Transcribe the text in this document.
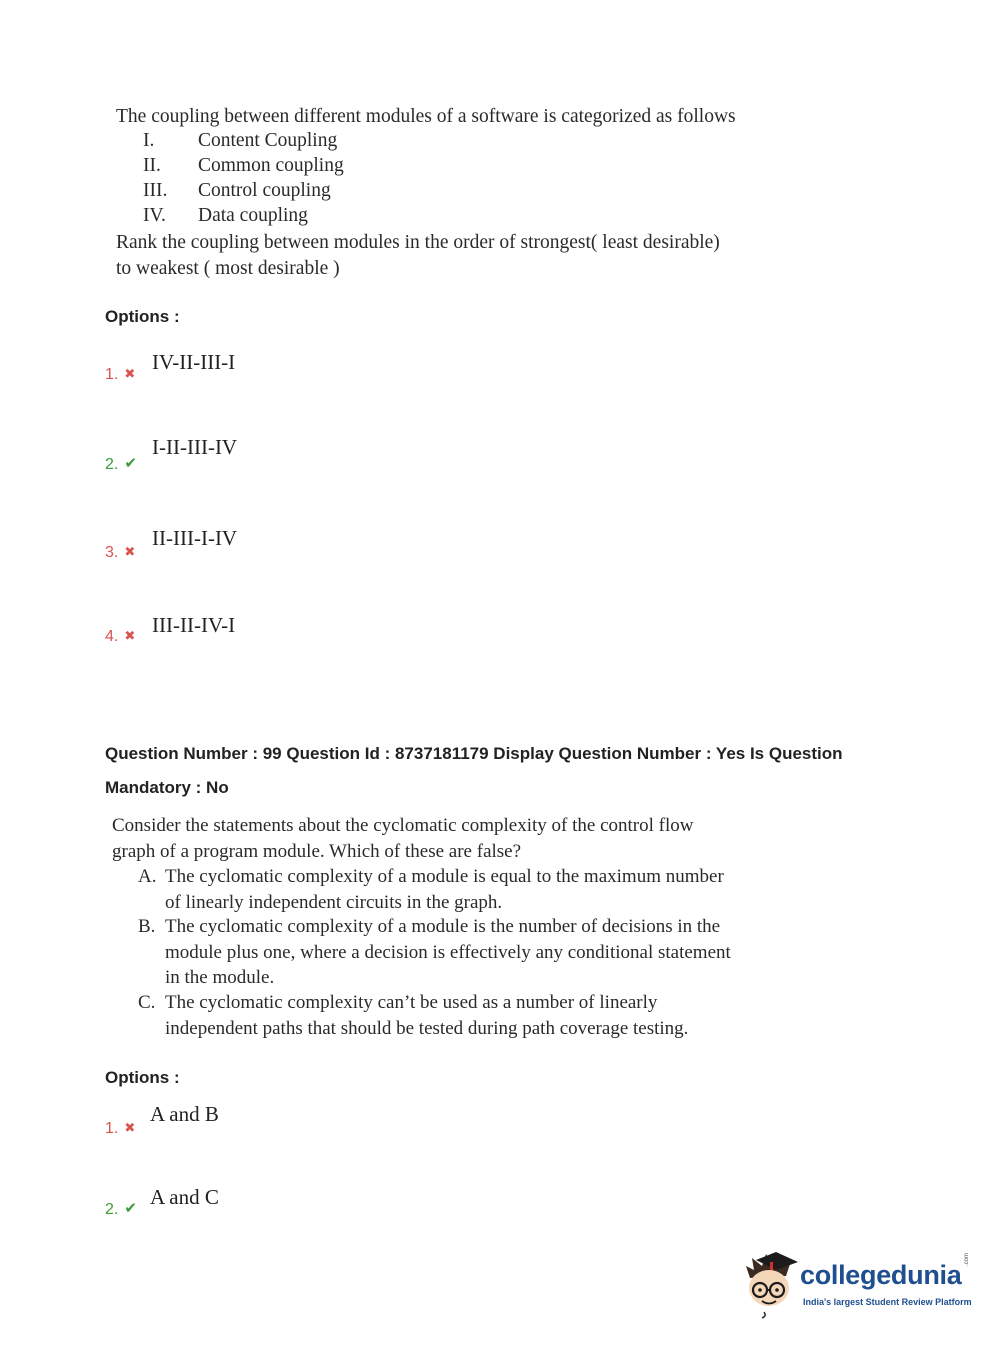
The coupling between different modules of a software is categorized as follows
I. Content Coupling
II. Common coupling
III. Control coupling
IV. Data coupling
Rank the coupling between modules in the order of strongest( least desirable) to weakest ( most desirable )
Options :
1. ✖ IV-II-III-I
2. ✔
I-II-III-IV
3. ✖
II-III-I-IV
4. ✖ III-II-IV-I
Question Number : 99 Question Id : 8737181179 Display Question Number : Yes Is Question
Mandatory : No
Consider the statements about the cyclomatic complexity of the control flow graph of a program module. Which of these are false?
A. The cyclomatic complexity of a module is equal to the maximum number of linearly independent circuits in the graph.
B. The cyclomatic complexity of a module is the number of decisions in the module plus one, where a decision is effectively any conditional statement in the module.
C. The cyclomatic complexity can’t be used as a number of linearly independent paths that should be tested during path coverage testing.
Options :
1. ✖
A and B
2. ✔ A and C
collegedunia
.com
India's largest Student Review Platform
